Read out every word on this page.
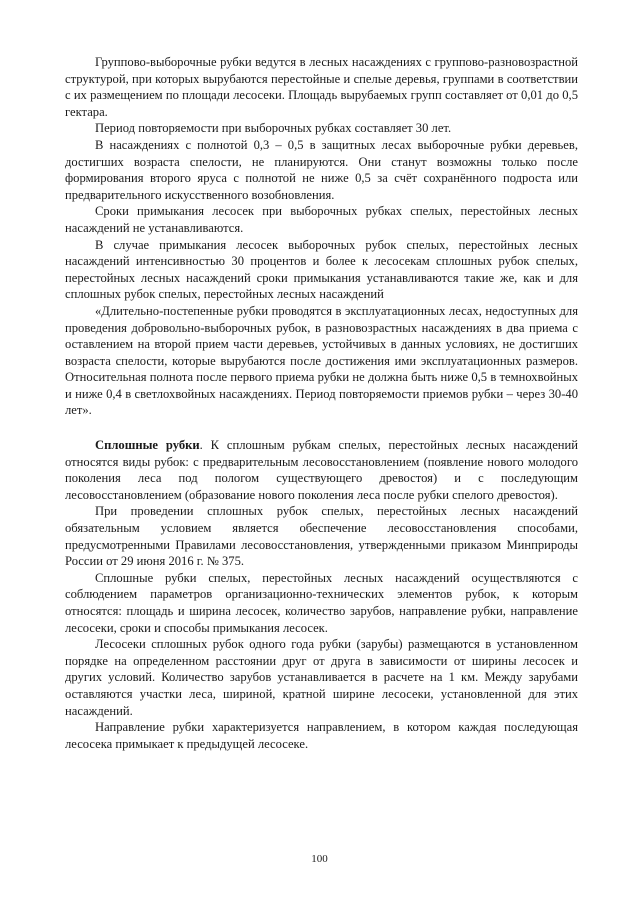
Группово-выборочные рубки ведутся в лесных насаждениях с группово-разновозрастной структурой, при которых вырубаются перестойные и спелые деревья, группами в соответствии с их размещением по площади лесосеки. Площадь вырубаемых групп составляет от 0,01 до 0,5 гектара.

Период повторяемости при выборочных рубках составляет 30 лет.

В насаждениях с полнотой 0,3 – 0,5 в защитных лесах выборочные рубки деревьев, достигших возраста спелости, не планируются. Они станут возможны только после формирования второго яруса с полнотой не ниже 0,5 за счёт сохранённого подроста или предварительного искусственного возобновления.

Сроки примыкания лесосек при выборочных рубках спелых, перестойных лесных насаждений не устанавливаются.

В случае примыкания лесосек выборочных рубок спелых, перестойных лесных насаждений интенсивностью 30 процентов и более к лесосекам сплошных рубок спелых, перестойных лесных насаждений сроки примыкания устанавливаются такие же, как и для сплошных рубок спелых, перестойных лесных насаждений

«Длительно-постепенные рубки проводятся в эксплуатационных лесах, недоступных для проведения добровольно-выборочных рубок, в разновозрастных насаждениях в два приема с оставлением на второй прием части деревьев, устойчивых в данных условиях, не достигших возраста спелости, которые вырубаются после достижения ими эксплуатационных размеров. Относительная полнота после первого приема рубки не должна быть ниже 0,5 в темнохвойных и ниже 0,4 в светлохвойных насаждениях. Период повторяемости приемов рубки – через 30-40 лет».

Сплошные рубки. К сплошным рубкам спелых, перестойных лесных насаждений относятся виды рубок: с предварительным лесовосстановлением (появление нового молодого поколения леса под пологом существующего древостоя) и с последующим лесовосстановлением (образование нового поколения леса после рубки спелого древостоя).

При проведении сплошных рубок спелых, перестойных лесных насаждений обязательным условием является обеспечение лесовосстановления способами, предусмотренными Правилами лесовосстановления, утвержденными приказом Минприроды России от 29 июня 2016 г. № 375.

Сплошные рубки спелых, перестойных лесных насаждений осуществляются с соблюдением параметров организационно-технических элементов рубок, к которым относятся: площадь и ширина лесосек, количество зарубов, направление рубки, направление лесосеки, сроки и способы примыкания лесосек.

Лесосеки сплошных рубок одного года рубки (зарубы) размещаются в установленном порядке на определенном расстоянии друг от друга в зависимости от ширины лесосек и других условий. Количество зарубов устанавливается в расчете на 1 км. Между зарубами оставляются участки леса, шириной, кратной ширине лесосеки, установленной для этих насаждений.

Направление рубки характеризуется направлением, в котором каждая последующая лесосека примыкает к предыдущей лесосеке.

100
